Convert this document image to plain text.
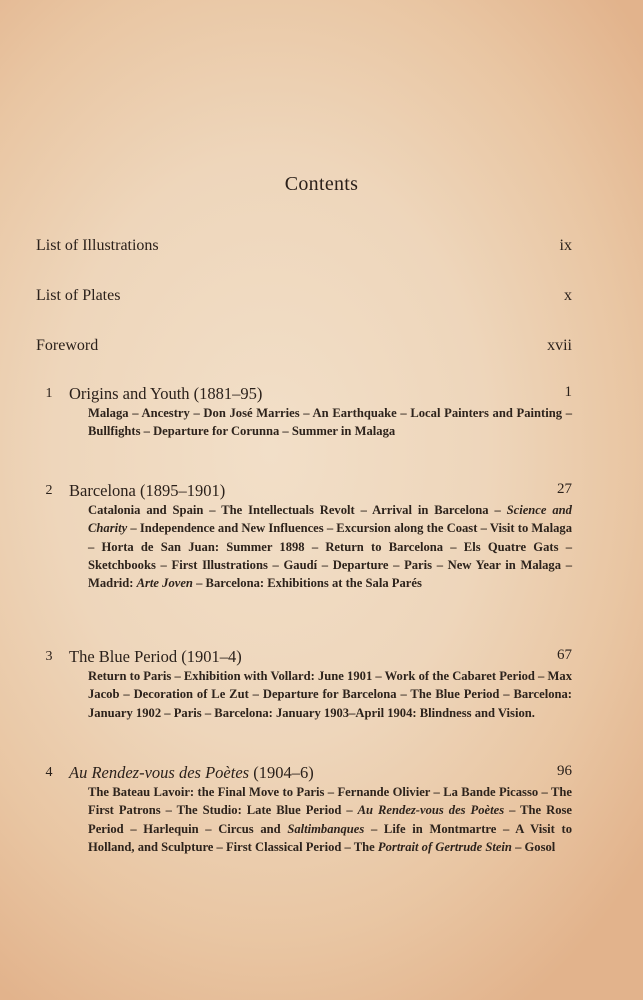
Contents
List of Illustrations	ix
List of Plates	x
Foreword	xvii
1 Origins and Youth (1881–95)	1
Malaga – Ancestry – Don José Marries – An Earthquake – Local Painters and Painting – Bullfights – Departure for Corunna – Summer in Malaga
2 Barcelona (1895–1901)	27
Catalonia and Spain – The Intellectuals Revolt – Arrival in Barcelona – Science and Charity – Independence and New Influences – Excursion along the Coast – Visit to Malaga – Horta de San Juan: Summer 1898 – Return to Barcelona – Els Quatre Gats – Sketchbooks – First Illustrations – Gaudí – Departure – Paris – New Year in Malaga – Madrid: Arte Joven – Barcelona: Exhibitions at the Sala Parés
3 The Blue Period (1901–4)	67
Return to Paris – Exhibition with Vollard: June 1901 – Work of the Cabaret Period – Max Jacob – Decoration of Le Zut – Departure for Barcelona – The Blue Period – Barcelona: January 1902 – Paris – Barcelona: January 1903–April 1904: Blindness and Vision.
4 Au Rendez-vous des Poètes (1904–6)	96
The Bateau Lavoir: the Final Move to Paris – Fernande Olivier – La Bande Picasso – The First Patrons – The Studio: Late Blue Period – Au Rendez-vous des Poètes – The Rose Period – Harlequin – Circus and Saltimbanques – Life in Montmartre – A Visit to Holland, and Sculpture – First Classical Period – The Portrait of Gertrude Stein – Gosol
